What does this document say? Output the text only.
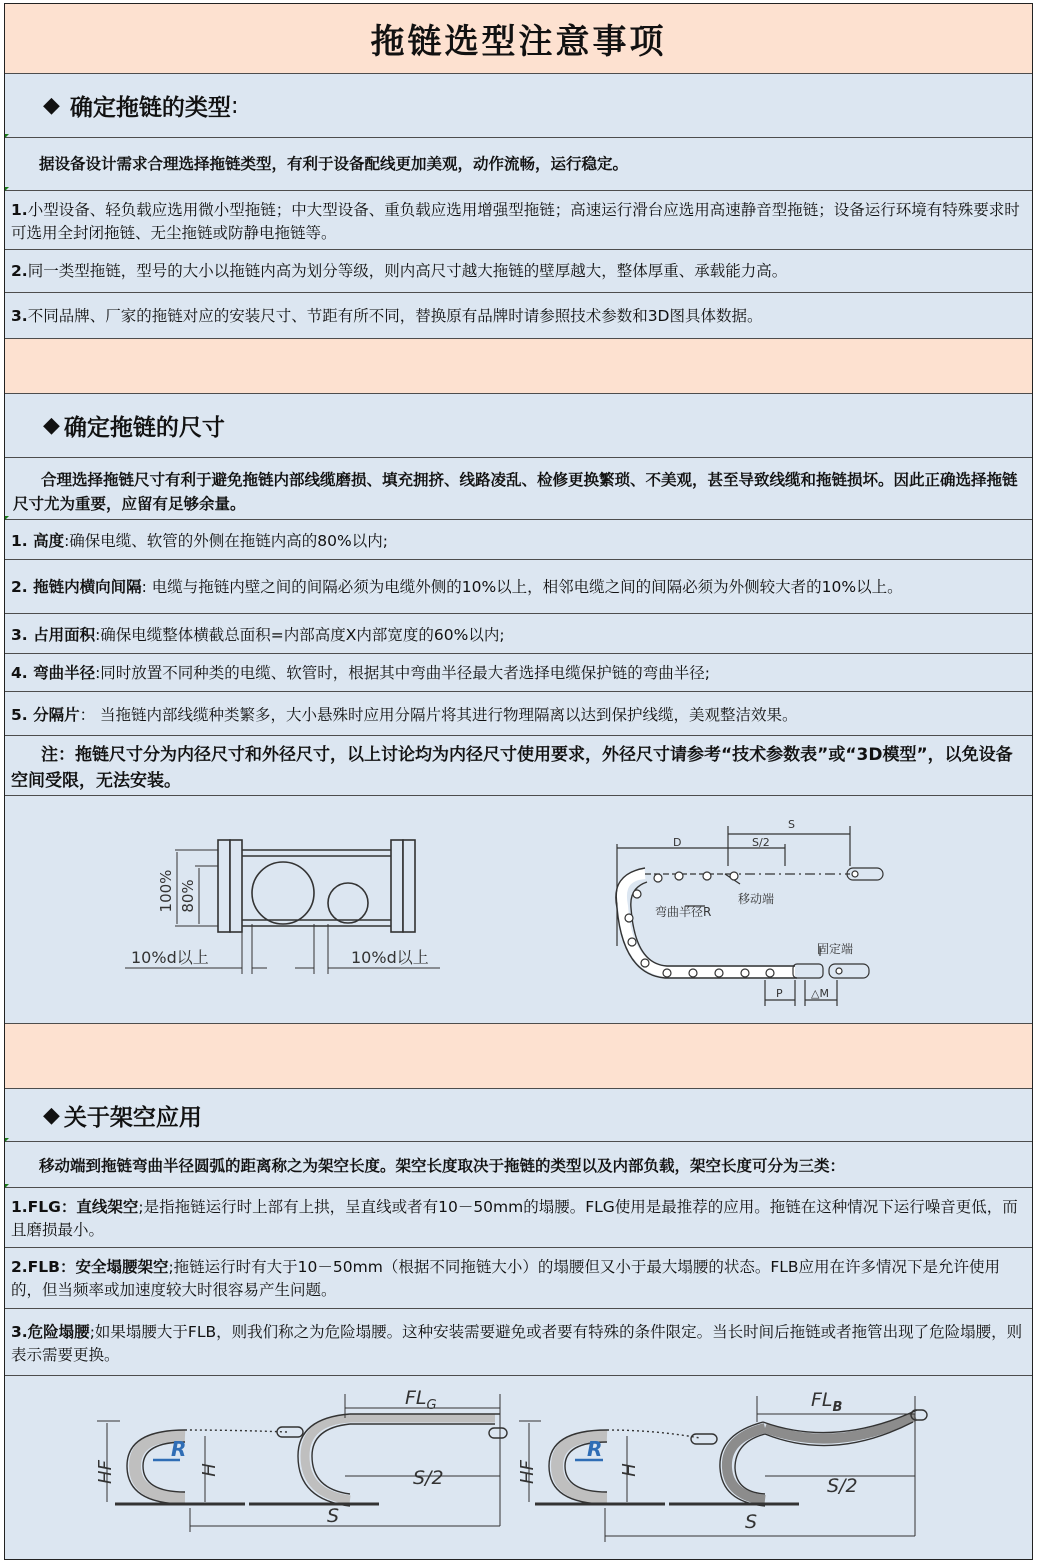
拖链选型注意事项
◆ 确定拖链的类型 :
据设备设计需求合理选择拖链类型，有利于设备配线更加美观，动作流畅，运行稳定。
1.小型设备、轻负载应选用微小型拖链；中大型设备、重负载应选用增强型拖链；高速运行滑台应选用高速静音型拖链；设备运行环境有特殊要求时可选用全封闭拖链、无尘拖链或防静电拖链等。
2.同一类型拖链，型号的大小以拖链内高为划分等级，则内高尺寸越大拖链的壁厚越大，整体厚重、承载能力高。
3.不同品牌、厂家的拖链对应的安装尺寸、节距有所不同，替换原有品牌时请参照技术参数和3D图具体数据。
◆ 确定拖链的尺寸
合理选择拖链尺寸有利于避免拖链内部线缆磨损、填充拥挤、线路凌乱、检修更换繁琐、不美观，甚至导致线缆和拖链损坏。因此正确选择拖链尺寸尤为重要，应留有足够余量。
1. 高度:确保电缆、软管的外侧在拖链内高的80%以内;
2. 拖链内横向间隔: 电缆与拖链内壁之间的间隔必须为电缆外侧的10%以上，相邻电缆之间的间隔必须为外侧较大者的10%以上。
3. 占用面积:确保电缆整体横截总面积=内部高度X内部宽度的60%以内;
4. 弯曲半径:同时放置不同种类的电缆、软管时，根据其中弯曲半径最大者选择电缆保护链的弯曲半径;
5. 分隔片： 当拖链内部线缆种类繁多，大小悬殊时应用分隔片将其进行物理隔离以达到保护线缆，美观整洁效果。
注：拖链尺寸分为内径尺寸和外径尺寸，以上讨论均为内径尺寸使用要求，外径尺寸请参考“技术参数表”或“3D模型”，以免设备空间受限，无法安装。
100% 80%
10%d以上	10%d以上
S
S/2
D
移动端
弯曲半径R
固定端
P	△M
◆ 关于架空应用
移动端到拖链弯曲半径圆弧的距离称之为架空长度。架空长度取决于拖链的类型以及内部负载，架空长度可分为三类：
1.FLG：直线架空;是指拖链运行时上部有上拱，呈直线或者有10－50mm的塌腰。FLG使用是最推荐的应用。拖链在这种情况下运行噪音更低，而且磨损最小。
2.FLB：安全塌腰架空;拖链运行时有大于10－50mm（根据不同拖链大小）的塌腰但又小于最大塌腰的状态。FLB应用在许多情况下是允许使用的，但当频率或加速度较大时很容易产生问题。
3.危险塌腰;如果塌腰大于FLB，则我们称之为危险塌腰。这种安装需要避免或者要有特殊的条件限定。当长时间后拖链或者拖管出现了危险塌腰，则表示需要更换。
HF
R
H
$FL_G$
S/2
S
HF
R
H
$FL_B$
S/2
S
